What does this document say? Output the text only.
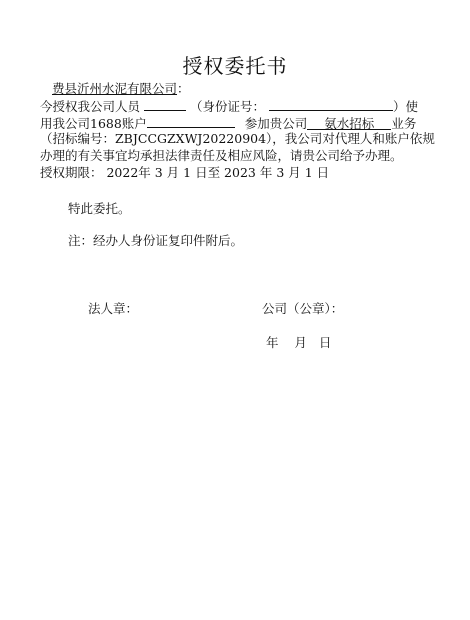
授权委托书
费县沂州水泥有限公司：
今授权我公司人员	（身份证号：	）使
用我公司1688账户	参加贵公司 氨水招标 业务
（招标编号：ZBJCCGZXWJ20220904），我公司对代理人和账户依规
办理的有关事宜均承担法律责任及相应风险，请贵公司给予办理。
授权期限： 2022年 3 月 1 日至 2023 年 3 月 1 日
特此委托。
注：经办人身份证复印件附后。
法人章：	公司（公章）：
年    月   日
